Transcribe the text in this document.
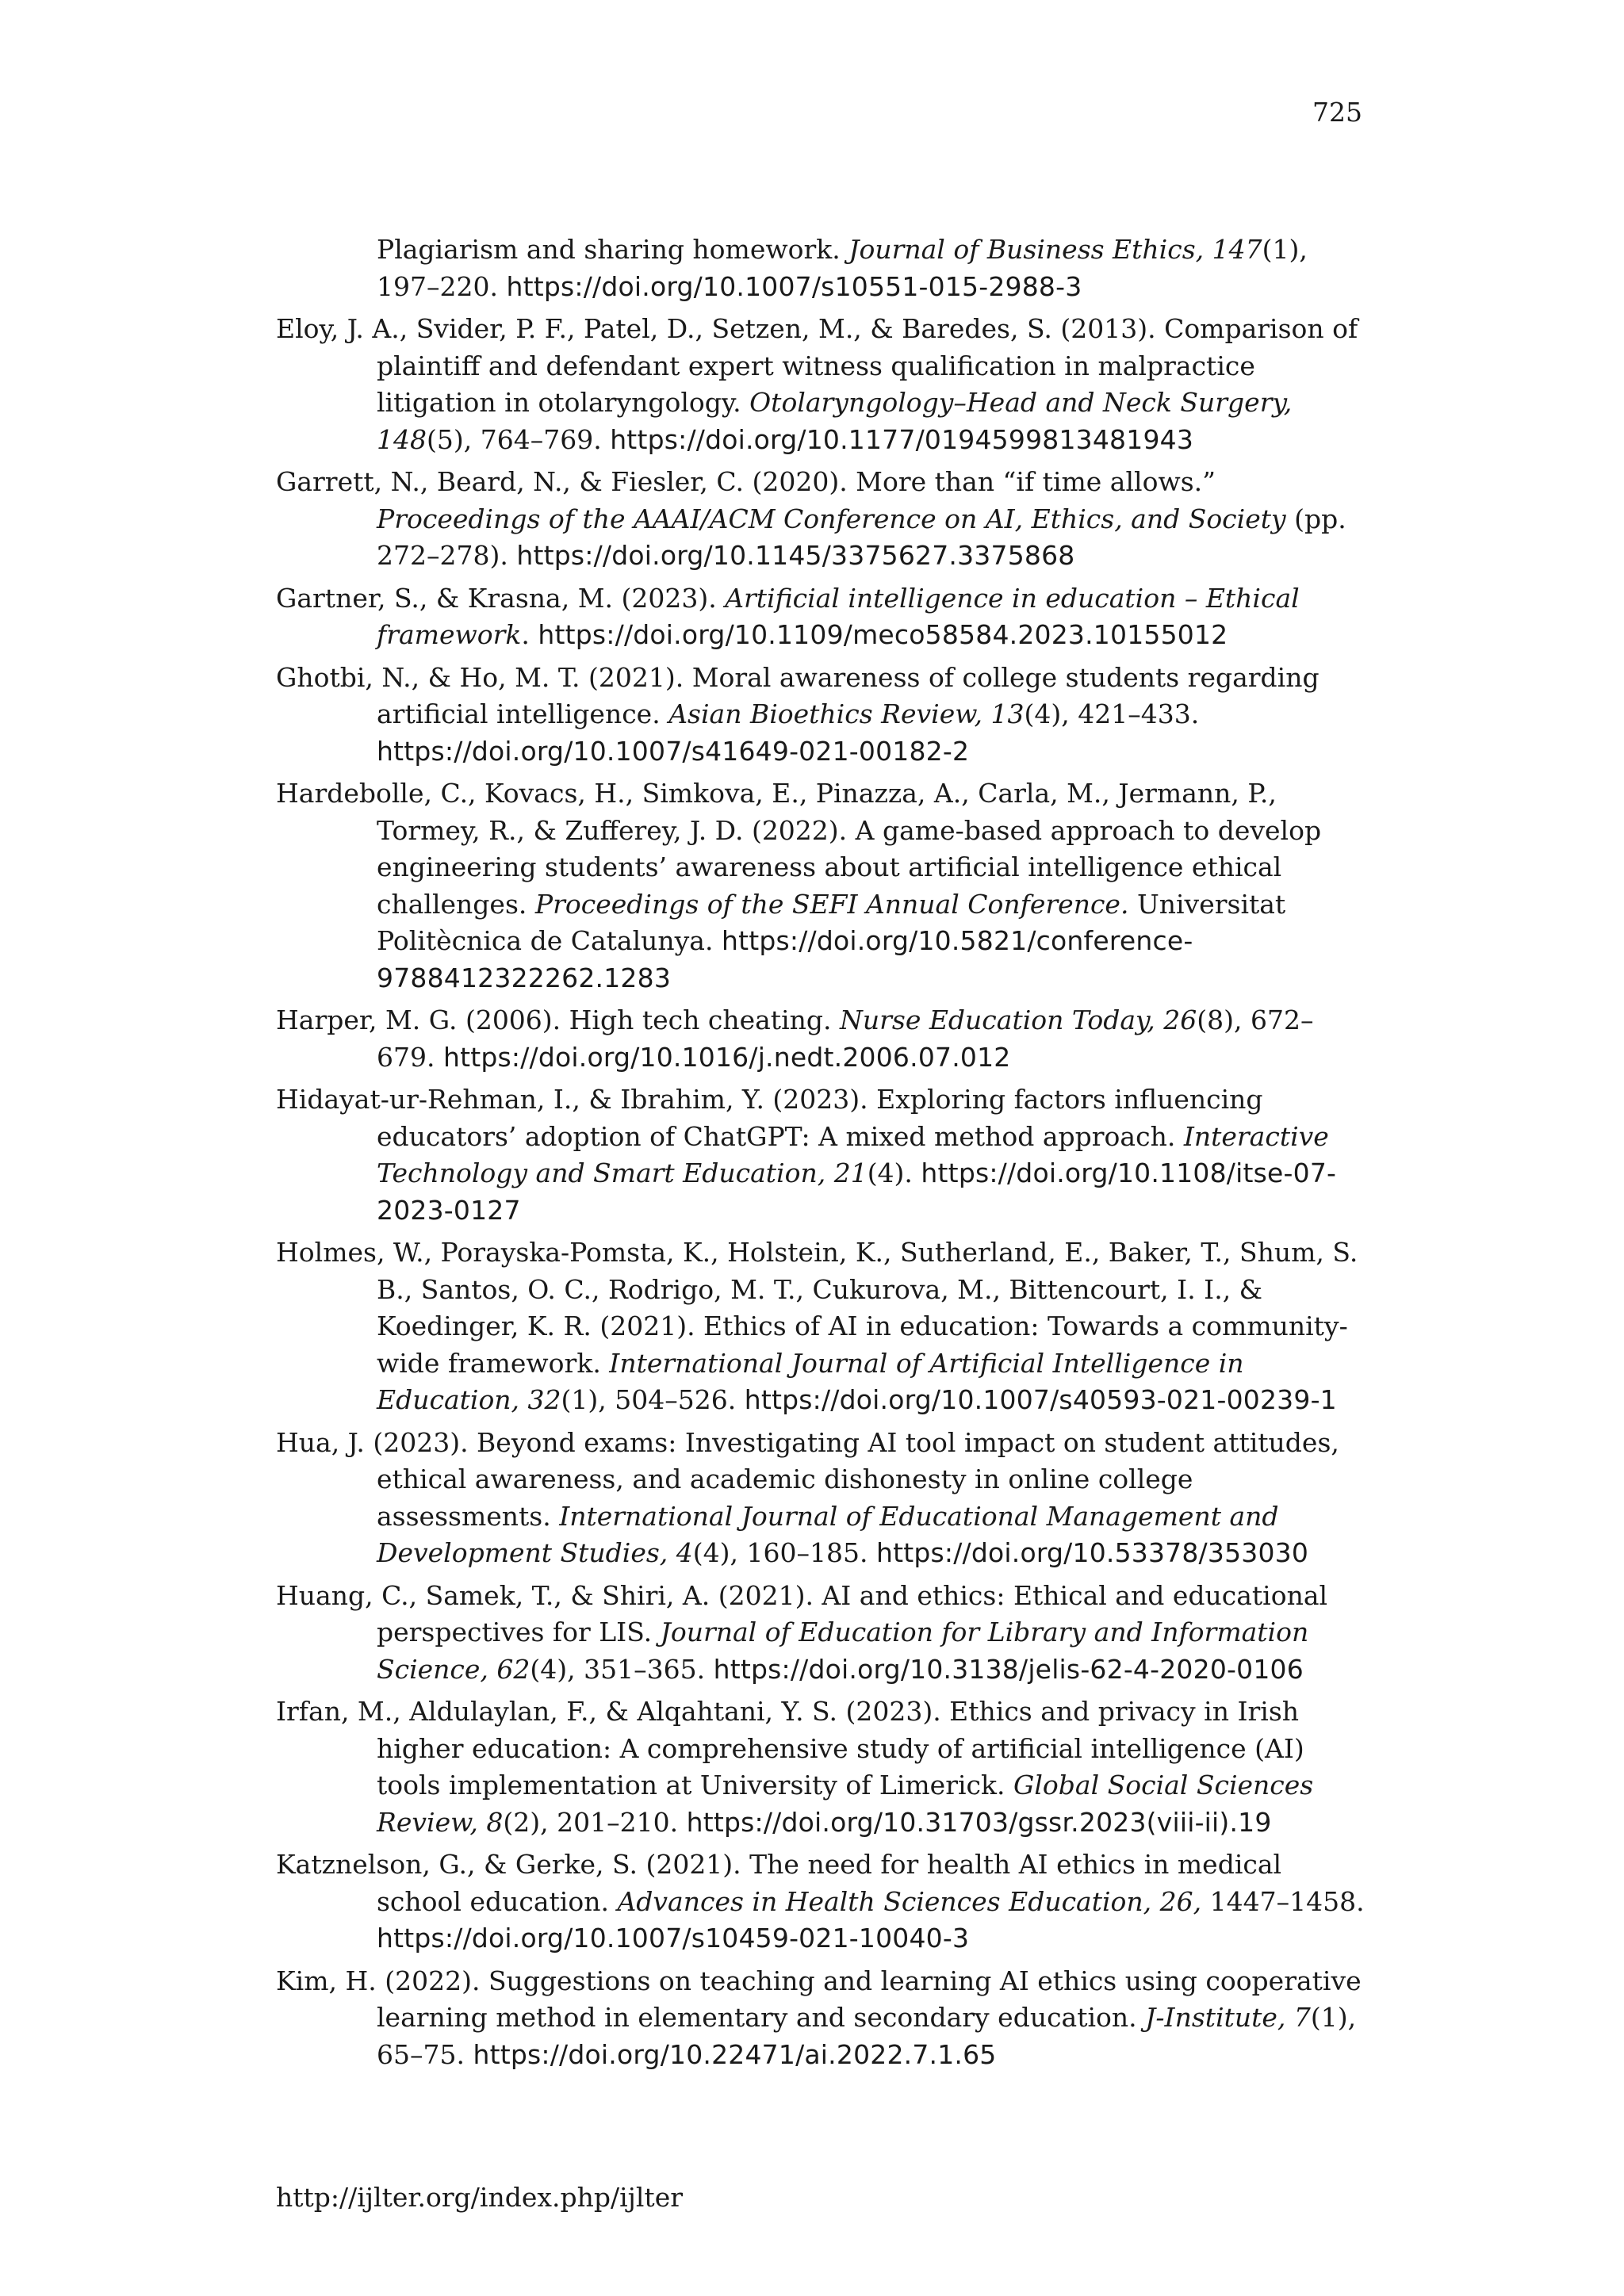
725

Plagiarism and sharing homework. Journal of Business Ethics, 147(1), 197–220. https://doi.org/10.1007/s10551-015-2988-3

Eloy, J. A., Svider, P. F., Patel, D., Setzen, M., & Baredes, S. (2013). Comparison of plaintiff and defendant expert witness qualification in malpractice litigation in otolaryngology. Otolaryngology–Head and Neck Surgery, 148(5), 764–769. https://doi.org/10.1177/0194599813481943

Garrett, N., Beard, N., & Fiesler, C. (2020). More than “if time allows.” Proceedings of the AAAI/ACM Conference on AI, Ethics, and Society (pp. 272–278). https://doi.org/10.1145/3375627.3375868

Gartner, S., & Krasna, M. (2023). Artificial intelligence in education – Ethical framework. https://doi.org/10.1109/meco58584.2023.10155012

Ghotbi, N., & Ho, M. T. (2021). Moral awareness of college students regarding artificial intelligence. Asian Bioethics Review, 13(4), 421–433. https://doi.org/10.1007/s41649-021-00182-2

Hardebolle, C., Kovacs, H., Simkova, E., Pinazza, A., Carla, M., Jermann, P., Tormey, R., & Zufferey, J. D. (2022). A game-based approach to develop engineering students’ awareness about artificial intelligence ethical challenges. Proceedings of the SEFI Annual Conference. Universitat Politècnica de Catalunya. https://doi.org/10.5821/conference-9788412322262.1283

Harper, M. G. (2006). High tech cheating. Nurse Education Today, 26(8), 672–679. https://doi.org/10.1016/j.nedt.2006.07.012

Hidayat-ur-Rehman, I., & Ibrahim, Y. (2023). Exploring factors influencing educators’ adoption of ChatGPT: A mixed method approach. Interactive Technology and Smart Education, 21(4). https://doi.org/10.1108/itse-07-2023-0127

Holmes, W., Porayska-Pomsta, K., Holstein, K., Sutherland, E., Baker, T., Shum, S. B., Santos, O. C., Rodrigo, M. T., Cukurova, M., Bittencourt, I. I., & Koedinger, K. R. (2021). Ethics of AI in education: Towards a community-wide framework. International Journal of Artificial Intelligence in Education, 32(1), 504–526. https://doi.org/10.1007/s40593-021-00239-1

Hua, J. (2023). Beyond exams: Investigating AI tool impact on student attitudes, ethical awareness, and academic dishonesty in online college assessments. International Journal of Educational Management and Development Studies, 4(4), 160–185. https://doi.org/10.53378/353030

Huang, C., Samek, T., & Shiri, A. (2021). AI and ethics: Ethical and educational perspectives for LIS. Journal of Education for Library and Information Science, 62(4), 351–365. https://doi.org/10.3138/jelis-62-4-2020-0106

Irfan, M., Aldulaylan, F., & Alqahtani, Y. S. (2023). Ethics and privacy in Irish higher education: A comprehensive study of artificial intelligence (AI) tools implementation at University of Limerick. Global Social Sciences Review, 8(2), 201–210. https://doi.org/10.31703/gssr.2023(viii-ii).19

Katznelson, G., & Gerke, S. (2021). The need for health AI ethics in medical school education. Advances in Health Sciences Education, 26, 1447–1458. https://doi.org/10.1007/s10459-021-10040-3

Kim, H. (2022). Suggestions on teaching and learning AI ethics using cooperative learning method in elementary and secondary education. J-Institute, 7(1), 65–75. https://doi.org/10.22471/ai.2022.7.1.65

http://ijlter.org/index.php/ijlter
